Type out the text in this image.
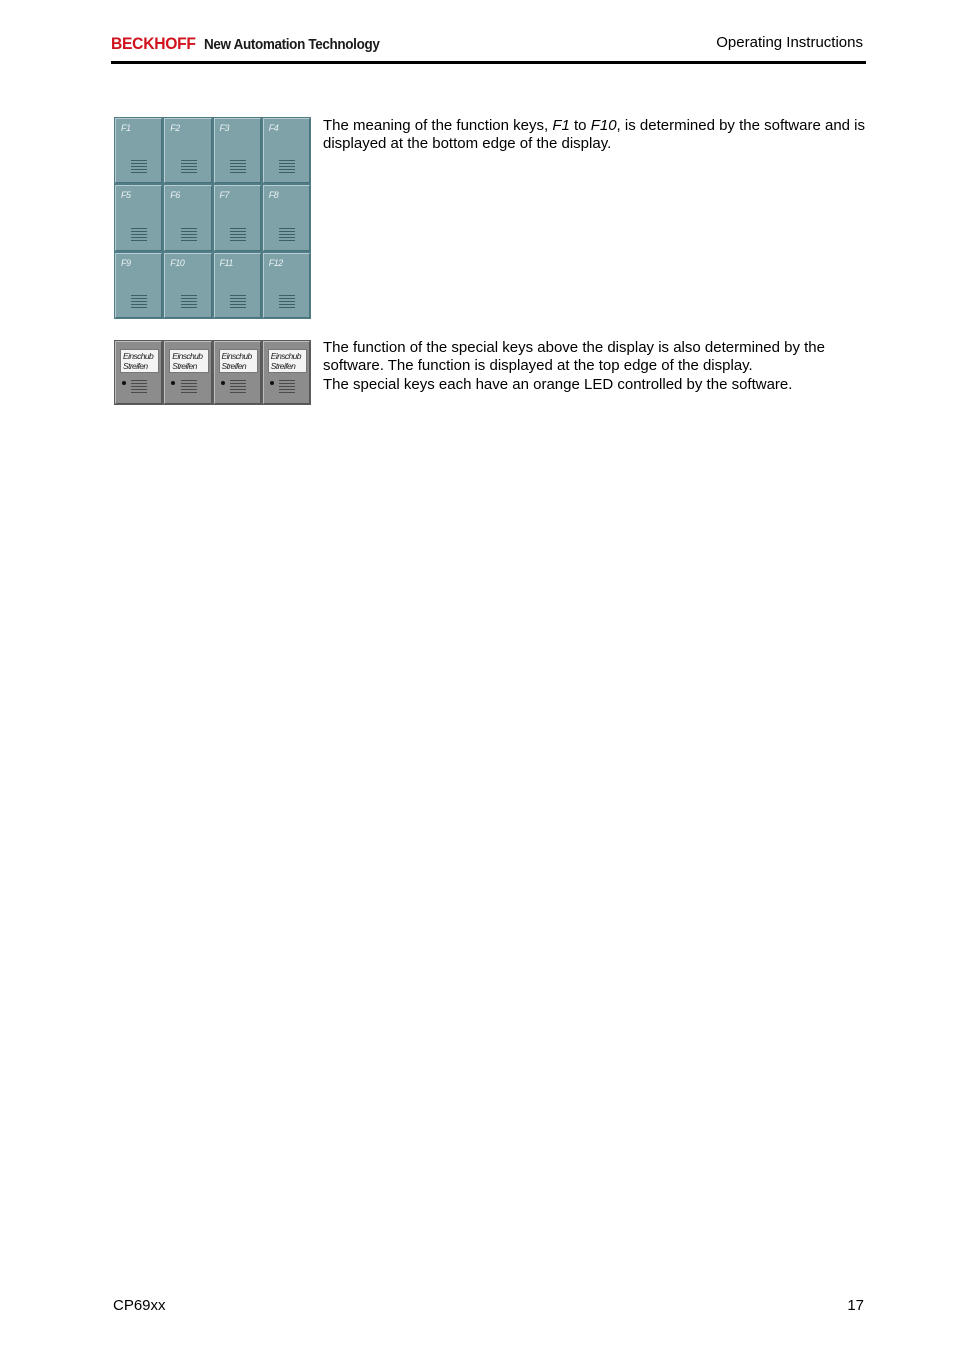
BECKHOFF New Automation Technology	Operating Instructions
F1	F2	F3	F4
F5	F6	F7	F8
F9	F10	F11	F12

The meaning of the function keys, F1 to F10, is determined by the software and is displayed at the bottom edge of the display.

Einschub
Streifen
Einschub
Streifen
Einschub
Streifen
Einschub
Streifen

The function of the special keys above the display is also determined by the software. The function is displayed at the top edge of the display.

The special keys each have an orange LED controlled by the software.

CP69xx	17
